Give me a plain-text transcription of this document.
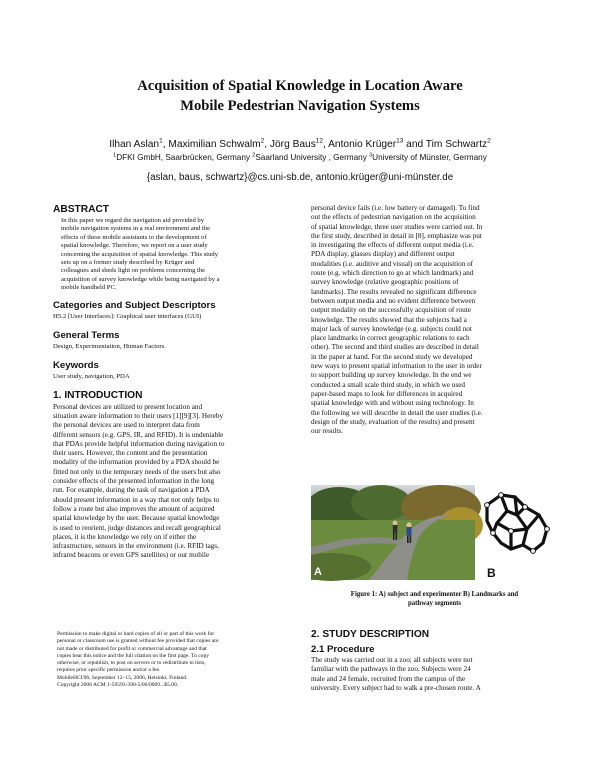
Acquisition of Spatial Knowledge in Location Aware
Mobile Pedestrian Navigation Systems
Ilhan Aslan$^1$, Maximilian Schwalm$^2$, Jörg Baus$^{12}$, Antonio Krüger$^{13}$ and Tim Schwartz$^2$
$^1$DFKI GmbH, Saarbrücken, Germany $^2$Saarland University , Germany $^3$University of Münster, Germany
{aslan, baus, schwartz}@cs.uni-sb.de, antonio.krüger@uni-münster.de
ABSTRACT
In this paper we regard the navigation aid provided by
mobile navigation systems in a real environment and the
effects of these mobile assistants to the development of
spatial knowledge. Therefore, we report on a user study
concerning the acquisition of spatial knowledge. This study
sets up on a former study described by Krüger and
colleagues and sheds light on problems concerning the
acquisition of survey knowledge while being navigated by a
mobile handheld PC.
Categories and Subject Descriptors
H5.2 [User Interfaces]: Graphical user interfaces (GUI)
General Terms
Design, Experimentation, Human Factors.
Keywords
User study, navigation, PDA
1. INTRODUCTION
Personal devices are utilized to present location and
situation aware information to their users [1][9][3]. Hereby
the personal devices are used to interpret data from
different sensors (e.g. GPS, IR, and RFID). It is undeniable
that PDAs provide helpful information during navigation to
their users. However, the content and the presentation
modality of the information provided by a PDA should be
fitted not only to the temporary needs of the users but also
consider effects of the presented information in the long
run. For example, during the task of navigation a PDA
should present information in a way that not only helps to
follow a route but also improves the amount of acquired
spatial knowledge by the user. Because spatial knowledge
is used to reorient, judge distances and recall geographical
places, it is the knowledge we rely on if either the
infrastructure, sensors in the environment (i.e. RFID tags,
infrared beacons or even GPS satellites) or our mobile
Permission to make digital or hard copies of all or part of this work for
personal or classroom use is granted without fee provided that copies are
not made or distributed for profit or commercial advantage and that
copies bear this notice and the full citation on the first page. To copy
otherwise, or republish, to post on servers or to redistribute to lists,
requires prior specific permission and/or a fee.
MobileHCI'06, September 12–15, 2006, Helsinki, Finland.
Copyright 2006 ACM 1-59593-390-5/06/0009...$5.00.
personal device fails (i.e. low battery or damaged). To find
out the effects of pedestrian navigation on the acquisition
of spatial knowledge, three user studies were carried out. In
the first study, described in detail in [8], emphasize was put
in investigating the effects of different output media (i.e.
PDA display, glasses display) and different output
modalities (i.e. auditive and visual) on the acquisition of
route (e.g. which direction to go at which landmark) and
survey knowledge (relative geographic positions of
landmarks). The results revealed no significant difference
between output media and no evident difference between
output modality on the successfully acquisition of route
knowledge. The results showed that the subjects had a
major lack of survey knowledge (e.g. subjects could not
place landmarks in correct geographic relations to each
other). The second and third studies are described in detail
in the paper at hand. For the second study we developed
new ways to present spatial information to the user in order
to support building up survey knowledge. In the end we
conducted a small scale third study, in which we used
paper-based maps to look for differences in acquired
spatial knowledge with and without using technology. In
the following we will describe in detail the user studies (i.e.
design of the study, evaluation of the results) and present
our results.
A	B
Figure 1: A) subject and experimenter B) Landmarks and
pathway segments
2. STUDY DESCRIPTION
2.1 Procedure
The study was carried out in a zoo; all subjects were not
familiar with the pathways in the zoo. Subjects were 24
male and 24 female, recruited from the campus of the
university. Every subject had to walk a pre-chosen route. A
